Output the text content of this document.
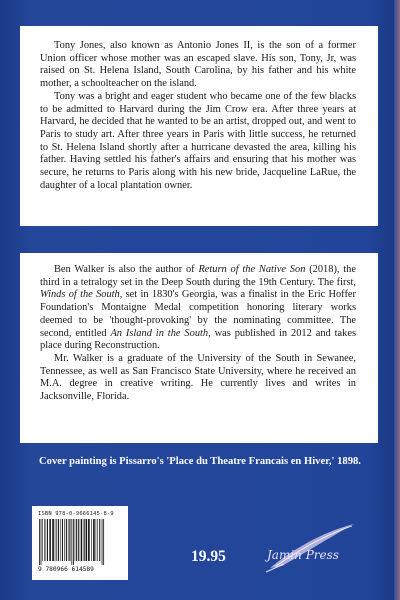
Tony Jones, also known as Antonio Jones II, is the son of a former Union officer whose mother was an escaped slave. His son, Tony, Jr, was raised on St. Helena Island, South Carolina, by his father and his white mother, a schoolteacher on the island.

Tony was a bright and eager student who became one of the few blacks to be admitted to Harvard during the Jim Crow era. After three years at Harvard, he decided that he wanted to be an artist, dropped out, and went to Paris to study art. After three years in Paris with little success, he returned to St. Helena Island shortly after a hurricane devasted the area, killing his father. Having settled his father's affairs and ensuring that his mother was secure, he returns to Paris along with his new bride, Jacqueline LaRue, the daughter of a local plantation owner.

Ben Walker is also the author of Return of the Native Son (2018), the third in a tetralogy set in the Deep South during the 19th Century. The first, Winds of the South, set in 1830's Georgia, was a finalist in the Eric Hoffer Foundation's Montaigne Medal competition honoring literary works deemed to be 'thought-provoking' by the nominating committee. The second, entitled An Island in the South, was published in 2012 and takes place during Reconstruction.

Mr. Walker is a graduate of the University of the South in Sewanee, Tennessee, as well as San Francisco State University, where he received an M.A. degree in creative writing. He currently lives and writes in Jacksonville, Florida.

Cover painting is Pissarro's 'Place du Theatre Francais en Hiver,' 1898.
ISBN 978-0-9666145-8-9
9 780966 614589
19.95	Jamin Press
